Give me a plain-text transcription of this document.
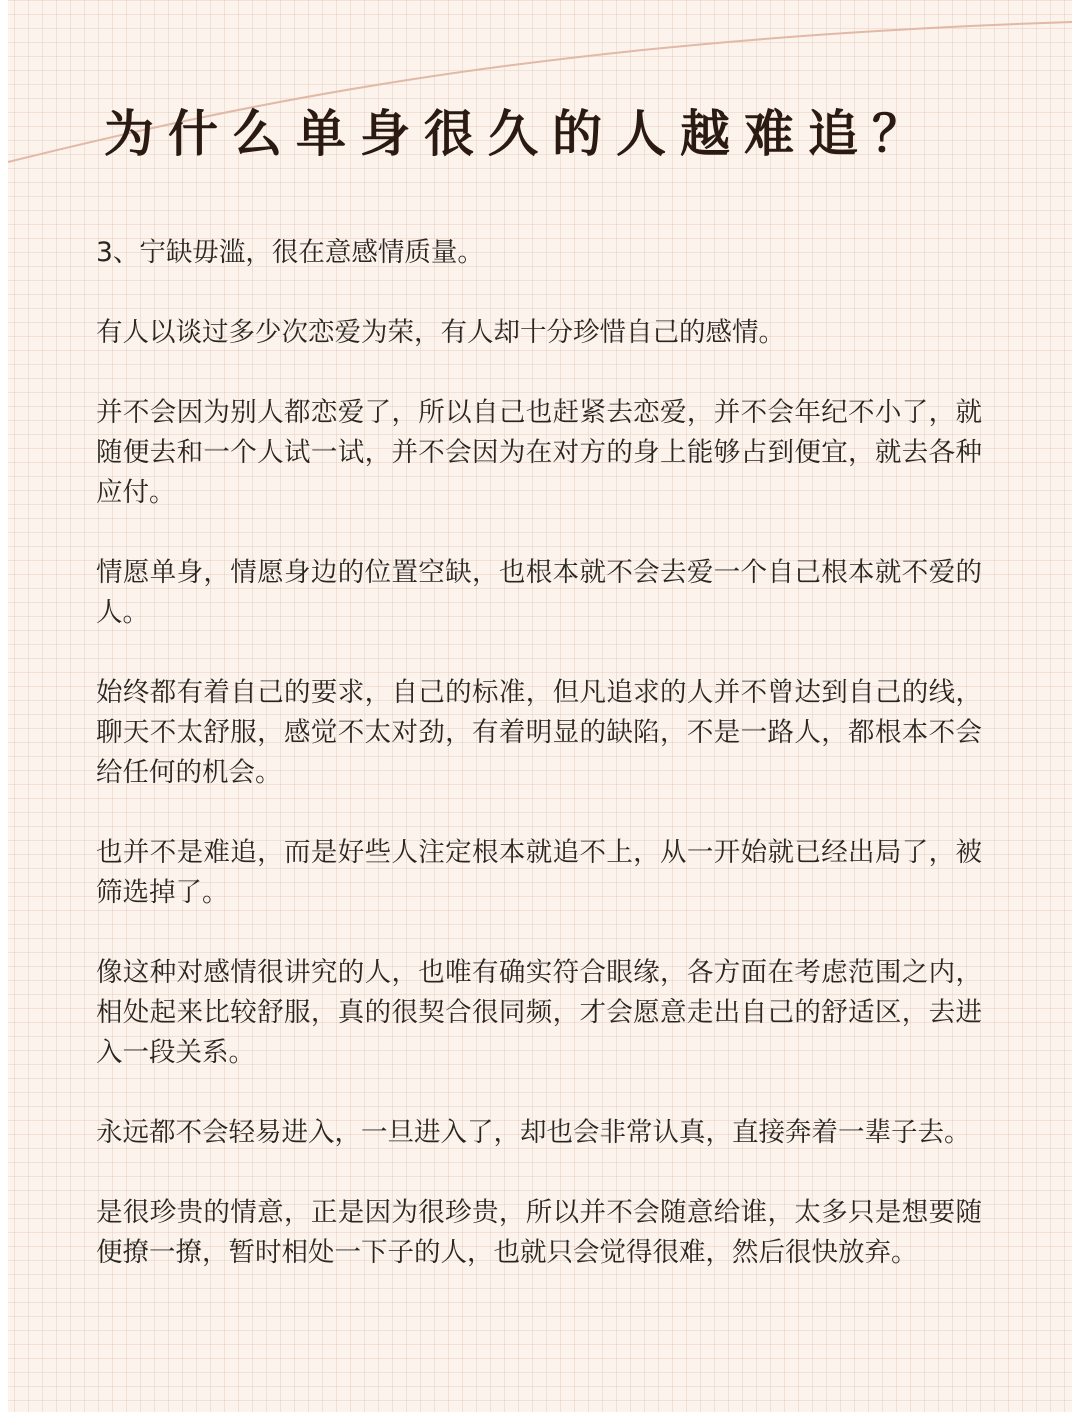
为什么单身很久的人越难追？

3、宁缺毋滥，很在意感情质量。

有人以谈过多少次恋爱为荣，有人却十分珍惜自己的感情。

并不会因为别人都恋爱了，所以自己也赶紧去恋爱，并不会年纪不小了，就随便去和一个人试一试，并不会因为在对方的身上能够占到便宜，就去各种应付。

情愿单身，情愿身边的位置空缺，也根本就不会去爱一个自己根本就不爱的人。

始终都有着自己的要求，自己的标准，但凡追求的人并不曾达到自己的线，聊天不太舒服，感觉不太对劲，有着明显的缺陷，不是一路人，都根本不会给任何的机会。

也并不是难追，而是好些人注定根本就追不上，从一开始就已经出局了，被筛选掉了。

像这种对感情很讲究的人，也唯有确实符合眼缘，各方面在考虑范围之内，相处起来比较舒服，真的很契合很同频，才会愿意走出自己的舒适区，去进入一段关系。

永远都不会轻易进入，一旦进入了，却也会非常认真，直接奔着一辈子去。

是很珍贵的情意，正是因为很珍贵，所以并不会随意给谁，太多只是想要随便撩一撩，暂时相处一下子的人，也就只会觉得很难，然后很快放弃。
